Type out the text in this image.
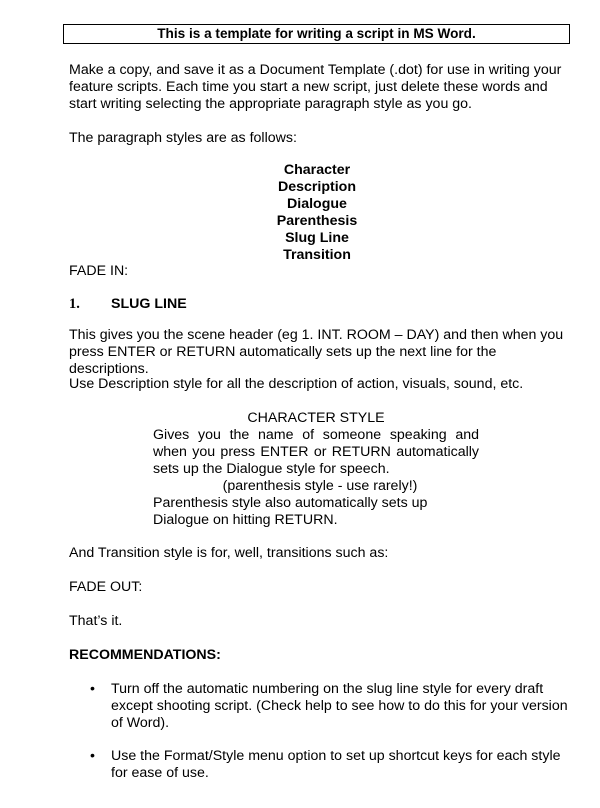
This is a template for writing a script in MS Word.

Make a copy, and save it as a Document Template (.dot) for use in writing your feature scripts. Each time you start a new script, just delete these words and start writing selecting the appropriate paragraph style as you go.

The paragraph styles are as follows:

Character
Description
Dialogue
Parenthesis
Slug Line
Transition

FADE IN:

1. SLUG LINE

This gives you the scene header (eg 1. INT. ROOM – DAY) and then when you press ENTER or RETURN automatically sets up the next line for the descriptions.

Use Description style for all the description of action, visuals, sound, etc.

CHARACTER STYLE
Gives you the name of someone speaking and when you press ENTER or RETURN automatically sets up the Dialogue style for speech.
(parenthesis style - use rarely!)
Parenthesis style also automatically sets up Dialogue on hitting RETURN.

And Transition style is for, well, transitions such as:

FADE OUT:

That’s it.

RECOMMENDATIONS:

•	Turn off the automatic numbering on the slug line style for every draft except shooting script. (Check help to see how to do this for your version of Word).
•	Use the Format/Style menu option to set up shortcut keys for each style for ease of use.
